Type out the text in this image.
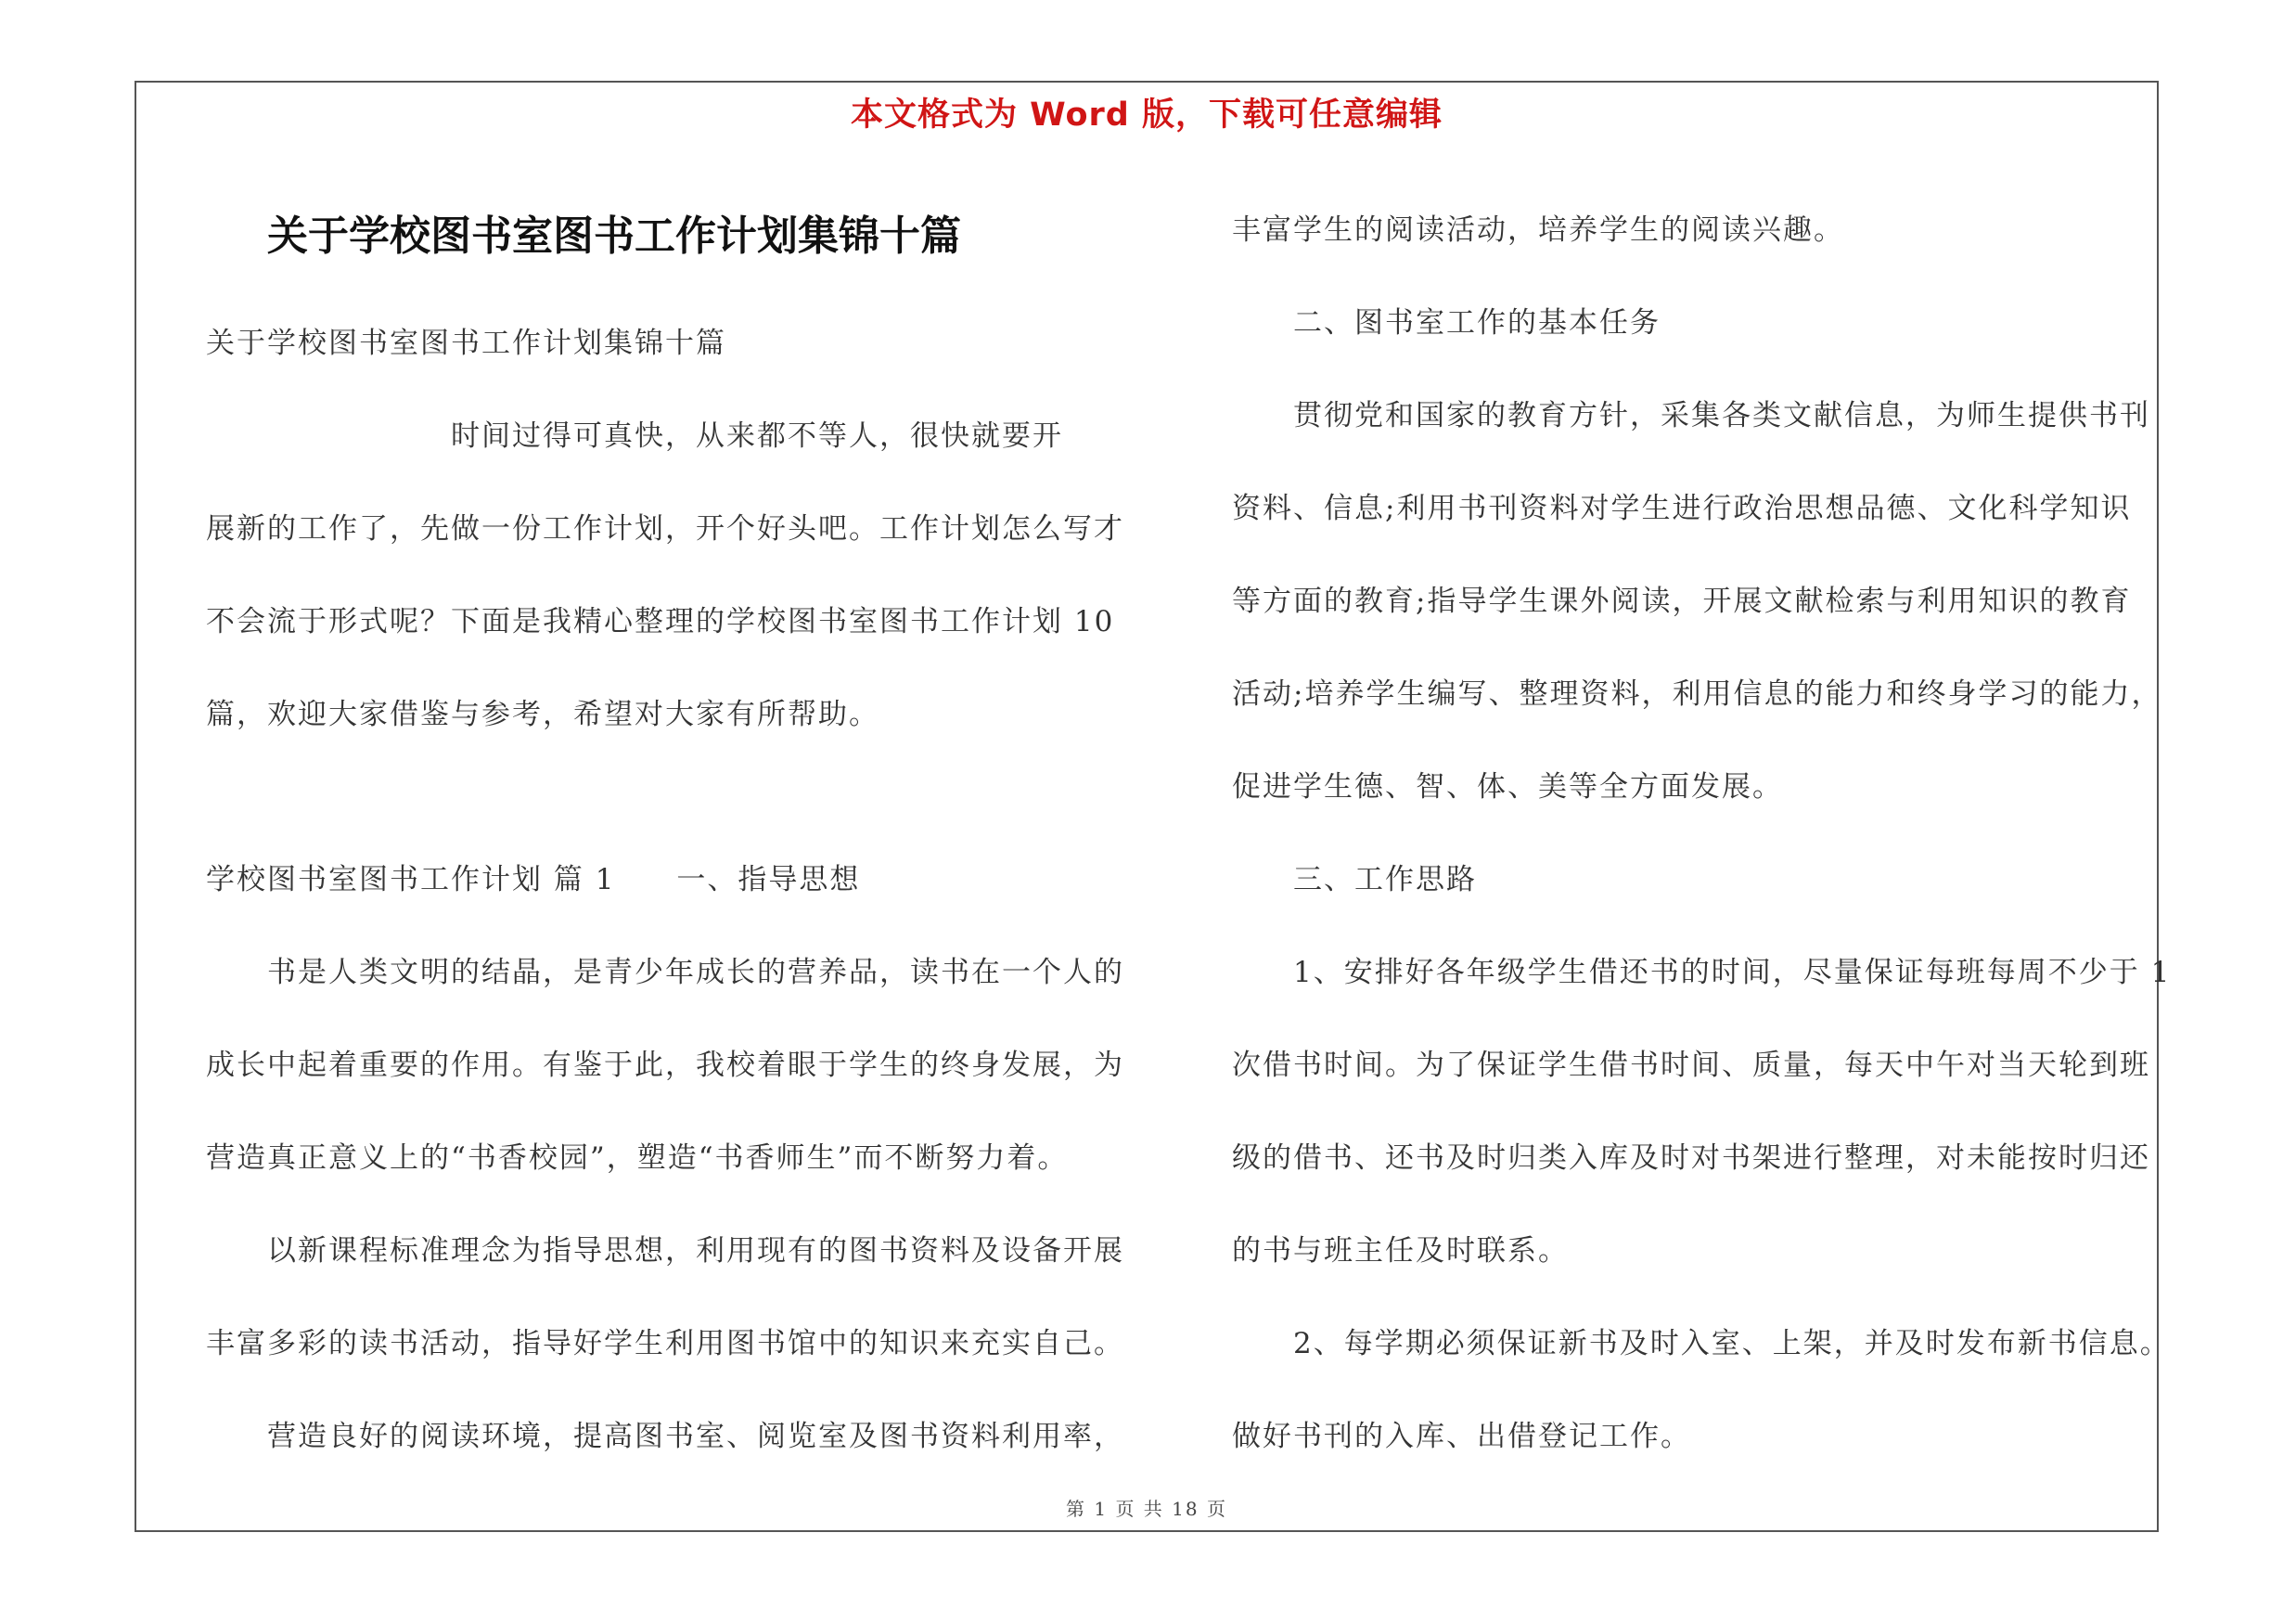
本文格式为 Word 版，下载可任意编辑
关于学校图书室图书工作计划集锦十篇
关于学校图书室图书工作计划集锦十篇
　　　　　　　　时间过得可真快，从来都不等人，很快就要开
展新的工作了，先做一份工作计划，开个好头吧。工作计划怎么写才
不会流于形式呢？下面是我精心整理的学校图书室图书工作计划 10
篇，欢迎大家借鉴与参考，希望对大家有所帮助。
学校图书室图书工作计划 篇 1　　一、指导思想
　　书是人类文明的结晶，是青少年成长的营养品，读书在一个人的
成长中起着重要的作用。有鉴于此，我校着眼于学生的终身发展，为
营造真正意义上的“书香校园”，塑造“书香师生”而不断努力着。
　　以新课程标准理念为指导思想，利用现有的图书资料及设备开展
丰富多彩的读书活动，指导好学生利用图书馆中的知识来充实自己。
　　营造良好的阅读环境，提高图书室、阅览室及图书资料利用率，
丰富学生的阅读活动，培养学生的阅读兴趣。
　　二、图书室工作的基本任务
　　贯彻党和国家的教育方针，采集各类文献信息，为师生提供书刊
资料、信息;利用书刊资料对学生进行政治思想品德、文化科学知识
等方面的教育;指导学生课外阅读，开展文献检索与利用知识的教育
活动;培养学生编写、整理资料，利用信息的能力和终身学习的能力，
促进学生德、智、体、美等全方面发展。
　　三、工作思路
　　1、安排好各年级学生借还书的时间，尽量保证每班每周不少于 1
次借书时间。为了保证学生借书时间、质量，每天中午对当天轮到班
级的借书、还书及时归类入库及时对书架进行整理，对未能按时归还
的书与班主任及时联系。
　　2、每学期必须保证新书及时入室、上架，并及时发布新书信息。
做好书刊的入库、出借登记工作。
第 1 页 共 18 页
